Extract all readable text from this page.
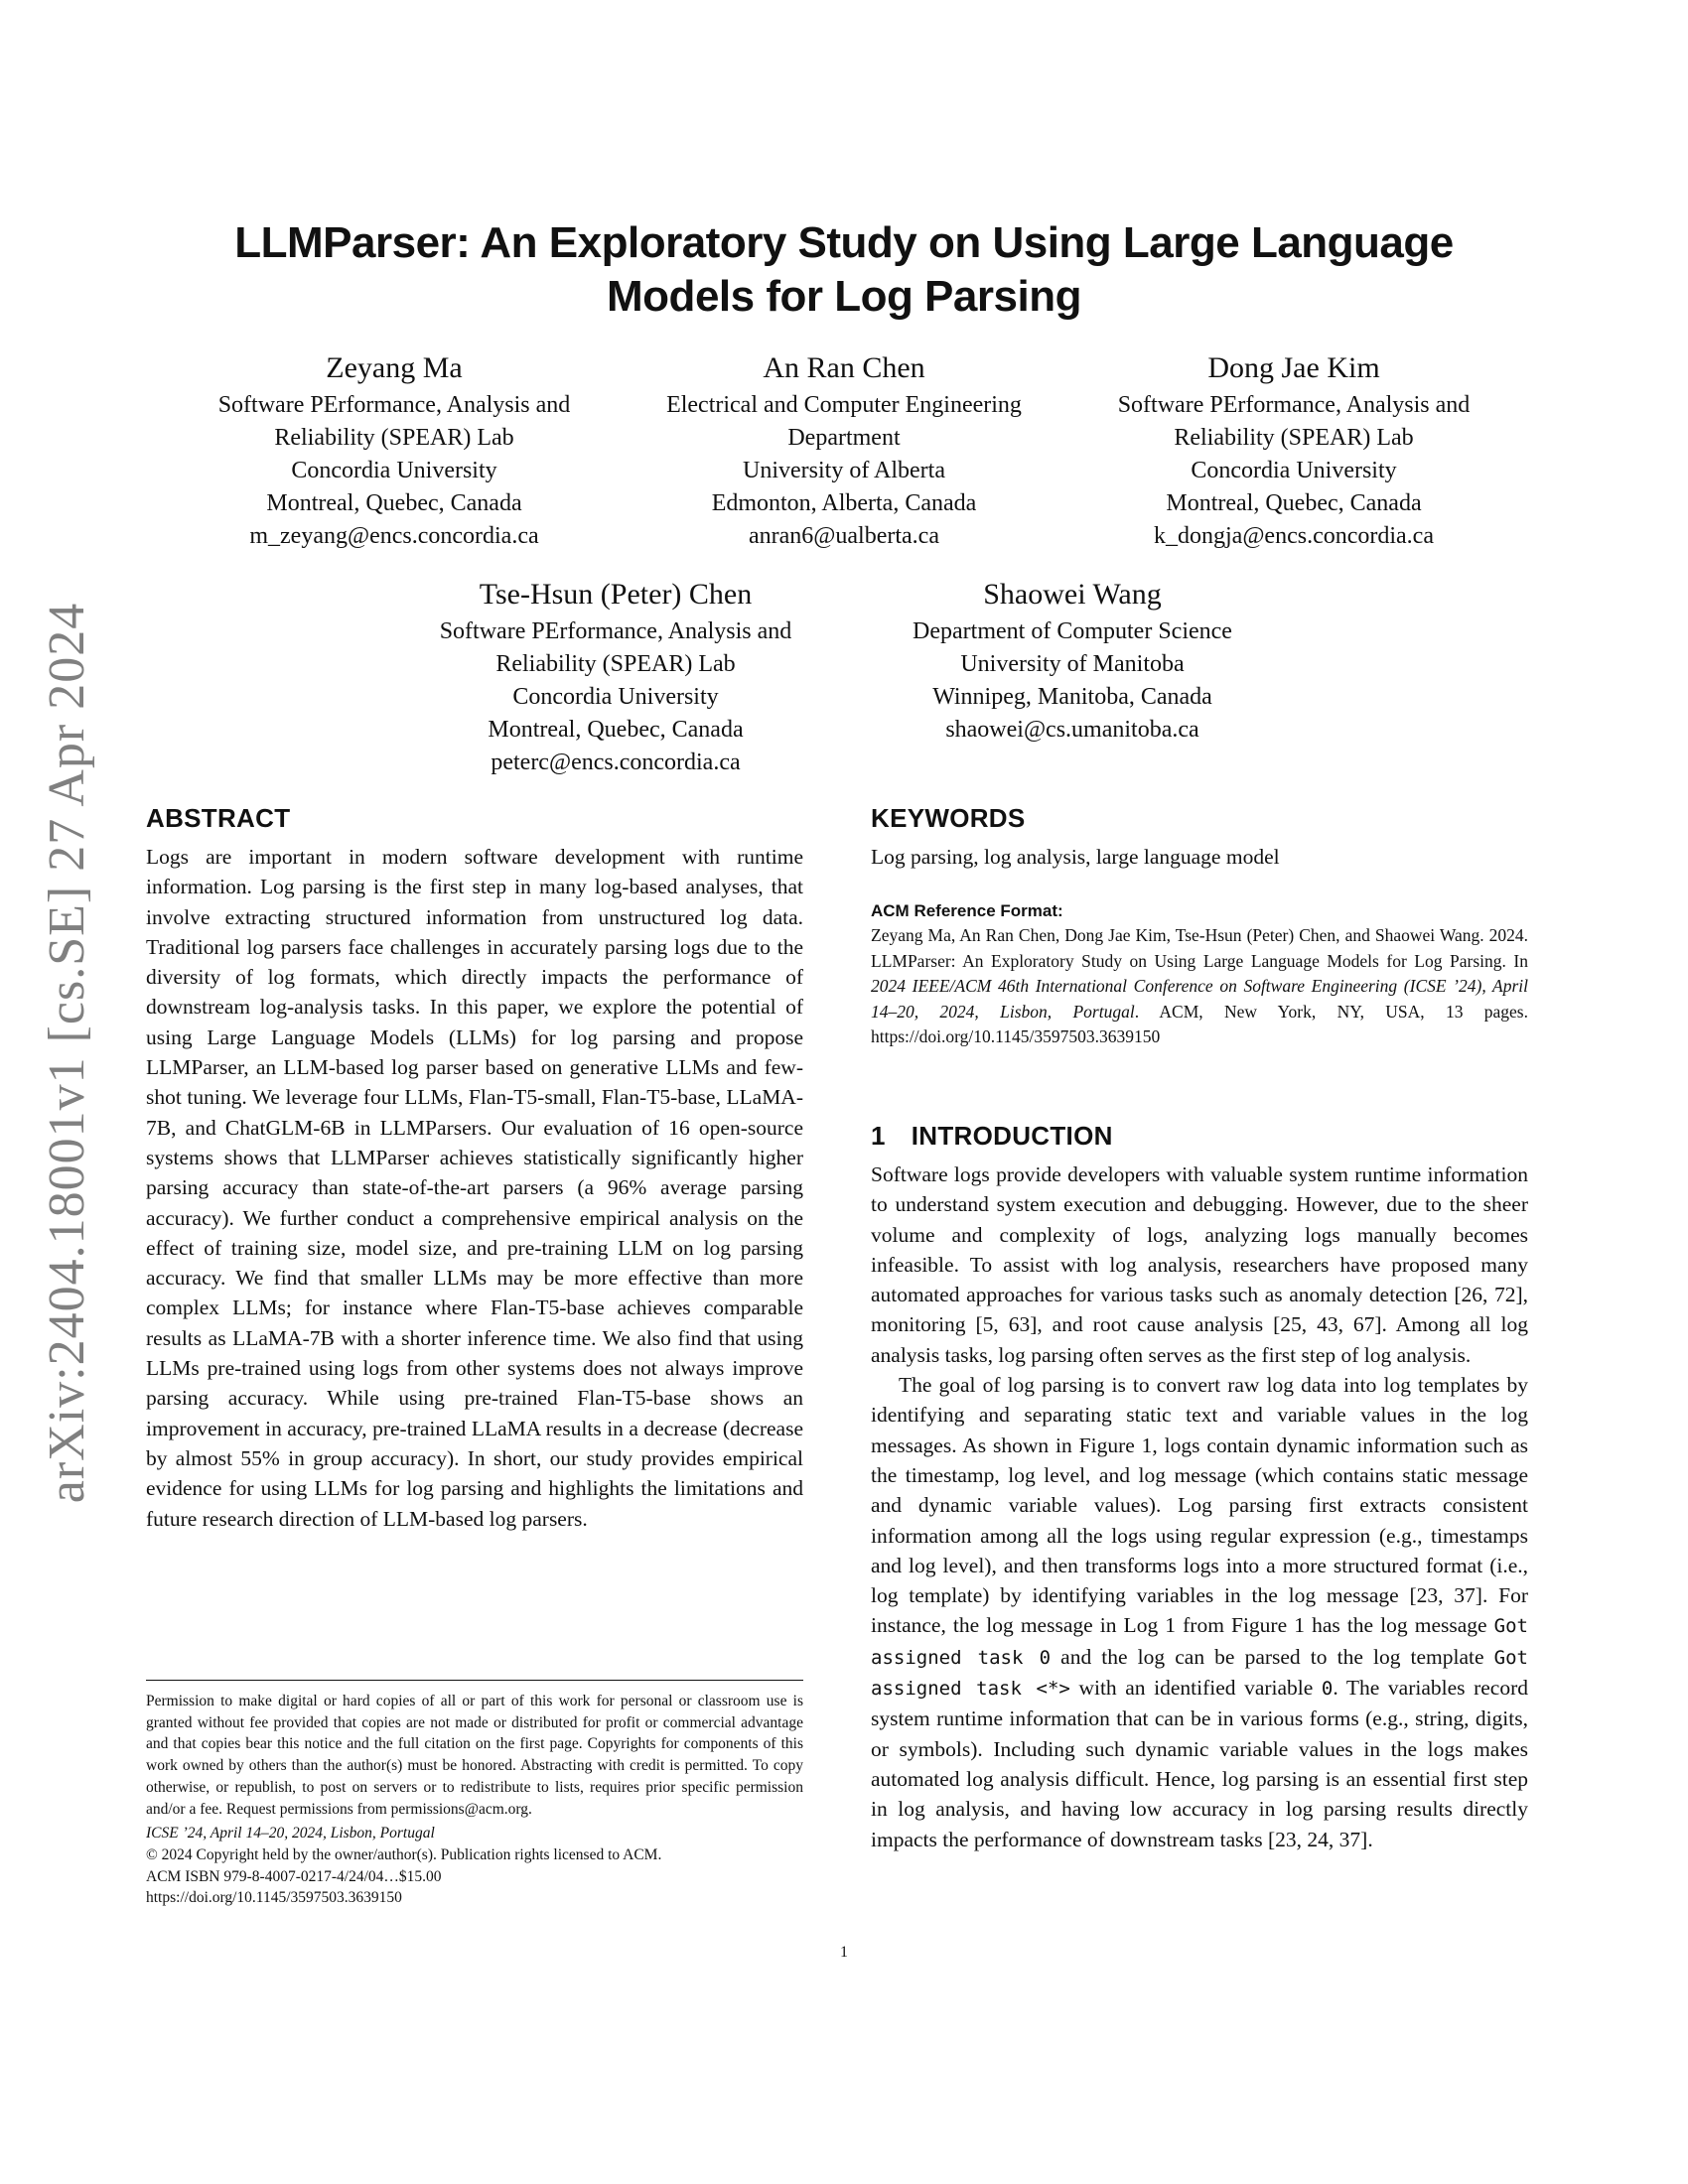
arXiv:2404.18001v1 [cs.SE] 27 Apr 2024
LLMParser: An Exploratory Study on Using Large Language
Models for Log Parsing
Zeyang Ma
Software PErformance, Analysis and
Reliability (SPEAR) Lab
Concordia University
Montreal, Quebec, Canada
m_zeyang@encs.concordia.ca
An Ran Chen
Electrical and Computer Engineering
Department
University of Alberta
Edmonton, Alberta, Canada
anran6@ualberta.ca
Dong Jae Kim
Software PErformance, Analysis and
Reliability (SPEAR) Lab
Concordia University
Montreal, Quebec, Canada
k_dongja@encs.concordia.ca
Tse-Hsun (Peter) Chen
Software PErformance, Analysis and
Reliability (SPEAR) Lab
Concordia University
Montreal, Quebec, Canada
peterc@encs.concordia.ca
Shaowei Wang
Department of Computer Science
University of Manitoba
Winnipeg, Manitoba, Canada
shaowei@cs.umanitoba.ca
ABSTRACT

Logs are important in modern software development with runtime information. Log parsing is the first step in many log-based analyses, that involve extracting structured information from unstructured log data. Traditional log parsers face challenges in accurately parsing logs due to the diversity of log formats, which directly impacts the performance of downstream log-analysis tasks. In this paper, we explore the potential of using Large Language Models (LLMs) for log parsing and propose LLMParser, an LLM-based log parser based on generative LLMs and few-shot tuning. We leverage four LLMs, Flan-T5-small, Flan-T5-base, LLaMA-7B, and ChatGLM-6B in LLMParsers. Our evaluation of 16 open-source systems shows that LLMParser achieves statistically significantly higher parsing accuracy than state-of-the-art parsers (a 96% average parsing accuracy). We further conduct a comprehensive empirical analysis on the effect of training size, model size, and pre-training LLM on log parsing accuracy. We find that smaller LLMs may be more effective than more complex LLMs; for instance where Flan-T5-base achieves comparable results as LLaMA-7B with a shorter inference time. We also find that using LLMs pre-trained using logs from other systems does not always improve parsing accuracy. While using pre-trained Flan-T5-base shows an improvement in accuracy, pre-trained LLaMA results in a decrease (decrease by almost 55% in group accuracy). In short, our study provides empirical evidence for using LLMs for log parsing and highlights the limitations and future research direction of LLM-based log parsers.

Permission to make digital or hard copies of all or part of this work for personal or classroom use is granted without fee provided that copies are not made or distributed for profit or commercial advantage and that copies bear this notice and the full citation on the first page. Copyrights for components of this work owned by others than the author(s) must be honored. Abstracting with credit is permitted. To copy otherwise, or republish, to post on servers or to redistribute to lists, requires prior specific permission and/or a fee. Request permissions from permissions@acm.org.

ICSE ’24, April 14–20, 2024, Lisbon, Portugal

© 2024 Copyright held by the owner/author(s). Publication rights licensed to ACM.

ACM ISBN 979-8-4007-0217-4/24/04…$15.00

https://doi.org/10.1145/3597503.3639150

KEYWORDS

Log parsing, log analysis, large language model

ACM Reference Format:

Zeyang Ma, An Ran Chen, Dong Jae Kim, Tse-Hsun (Peter) Chen, and Shaowei Wang. 2024. LLMParser: An Exploratory Study on Using Large Language Models for Log Parsing. In 2024 IEEE/ACM 46th International Conference on Software Engineering (ICSE ’24), April 14–20, 2024, Lisbon, Portugal. ACM, New York, NY, USA, 13 pages. https://doi.org/10.1145/3597503.3639150

1 INTRODUCTION

Software logs provide developers with valuable system runtime information to understand system execution and debugging. However, due to the sheer volume and complexity of logs, analyzing logs manually becomes infeasible. To assist with log analysis, researchers have proposed many automated approaches for various tasks such as anomaly detection [26, 72], monitoring [5, 63], and root cause analysis [25, 43, 67]. Among all log analysis tasks, log parsing often serves as the first step of log analysis.

The goal of log parsing is to convert raw log data into log templates by identifying and separating static text and variable values in the log messages. As shown in Figure 1, logs contain dynamic information such as the timestamp, log level, and log message (which contains static message and dynamic variable values). Log parsing first extracts consistent information among all the logs using regular expression (e.g., timestamps and log level), and then transforms logs into a more structured format (i.e., log template) by identifying variables in the log message [23, 37]. For instance, the log message in Log 1 from Figure 1 has the log message Got assigned task 0 and the log can be parsed to the log template Got assigned task <*> with an identified variable 0. The variables record system runtime information that can be in various forms (e.g., string, digits, or symbols). Including such dynamic variable values in the logs makes automated log analysis difficult. Hence, log parsing is an essential first step in log analysis, and having low accuracy in log parsing results directly impacts the performance of downstream tasks [23, 24, 37].

1
